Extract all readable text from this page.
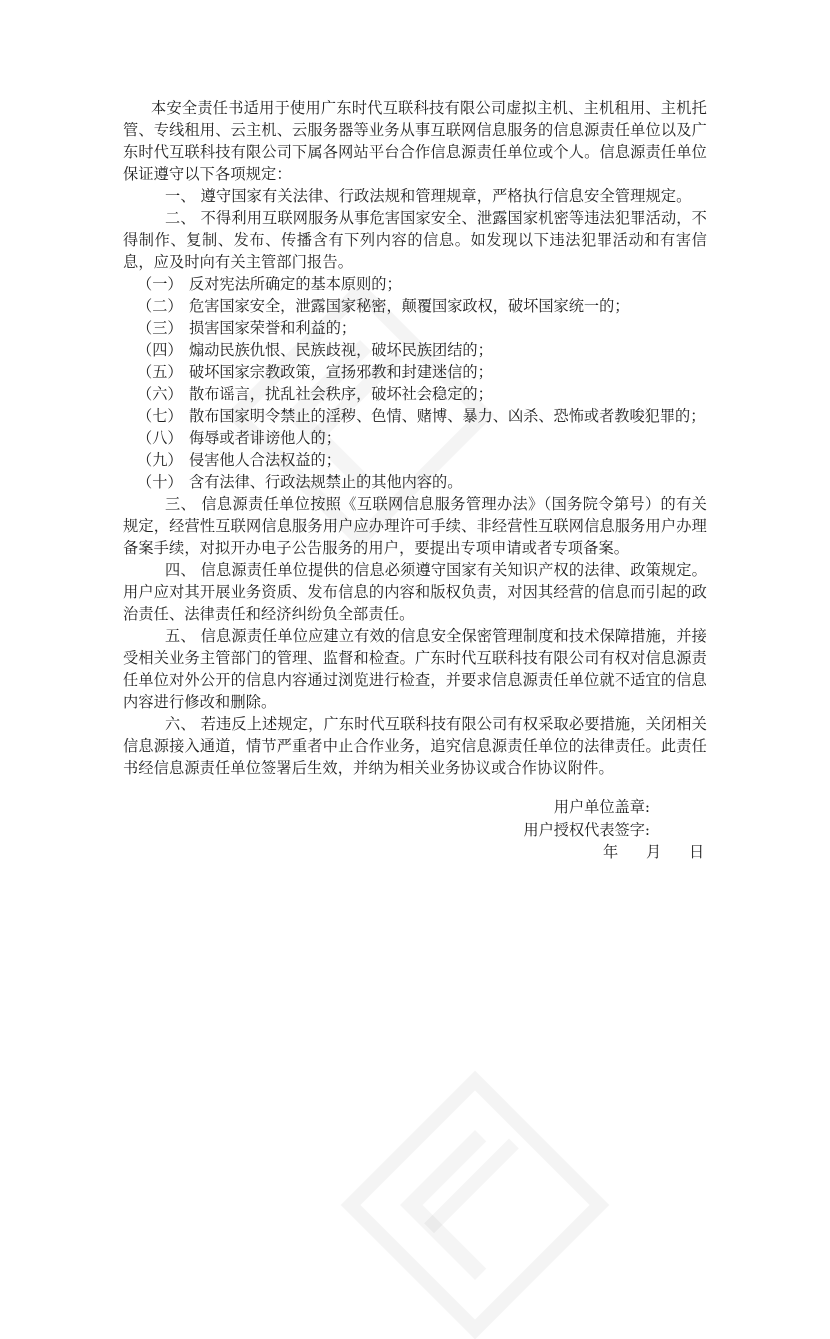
本安全责任书适用于使用广东时代互联科技有限公司虚拟主机、主机租用、主机托管、专线租用、云主机、云服务器等业务从事互联网信息服务的信息源责任单位以及广东时代互联科技有限公司下属各网站平台合作信息源责任单位或个人。信息源责任单位保证遵守以下各项规定：

一、 遵守国家有关法律、行政法规和管理规章，严格执行信息安全管理规定。

二、 不得利用互联网服务从事危害国家安全、泄露国家机密等违法犯罪活动，不得制作、复制、发布、传播含有下列内容的信息。如发现以下违法犯罪活动和有害信息，应及时向有关主管部门报告。

（一） 反对宪法所确定的基本原则的；

（二） 危害国家安全，泄露国家秘密，颠覆国家政权，破坏国家统一的；

（三） 损害国家荣誉和利益的；

（四） 煽动民族仇恨、民族歧视，破坏民族团结的；

（五） 破坏国家宗教政策，宣扬邪教和封建迷信的；

（六） 散布谣言，扰乱社会秩序，破坏社会稳定的；

（七） 散布国家明令禁止的淫秽、色情、赌博、暴力、凶杀、恐怖或者教唆犯罪的；

（八） 侮辱或者诽谤他人的；

（九） 侵害他人合法权益的；

（十） 含有法律、行政法规禁止的其他内容的。

三、 信息源责任单位按照《互联网信息服务管理办法》（国务院令第号）的有关规定，经营性互联网信息服务用户应办理许可手续、非经营性互联网信息服务用户办理备案手续，对拟开办电子公告服务的用户，要提出专项申请或者专项备案。

四、 信息源责任单位提供的信息必须遵守国家有关知识产权的法律、政策规定。用户应对其开展业务资质、发布信息的内容和版权负责，对因其经营的信息而引起的政治责任、法律责任和经济纠纷负全部责任。

五、 信息源责任单位应建立有效的信息安全保密管理制度和技术保障措施，并接受相关业务主管部门的管理、监督和检查。广东时代互联科技有限公司有权对信息源责任单位对外公开的信息内容通过浏览进行检查，并要求信息源责任单位就不适宜的信息内容进行修改和删除。

六、 若违反上述规定，广东时代互联科技有限公司有权采取必要措施，关闭相关信息源接入通道，情节严重者中止合作业务，追究信息源责任单位的法律责任。此责任书经信息源责任单位签署后生效，并纳为相关业务协议或合作协议附件。

用户单位盖章:
用户授权代表签字:
年 月 日
